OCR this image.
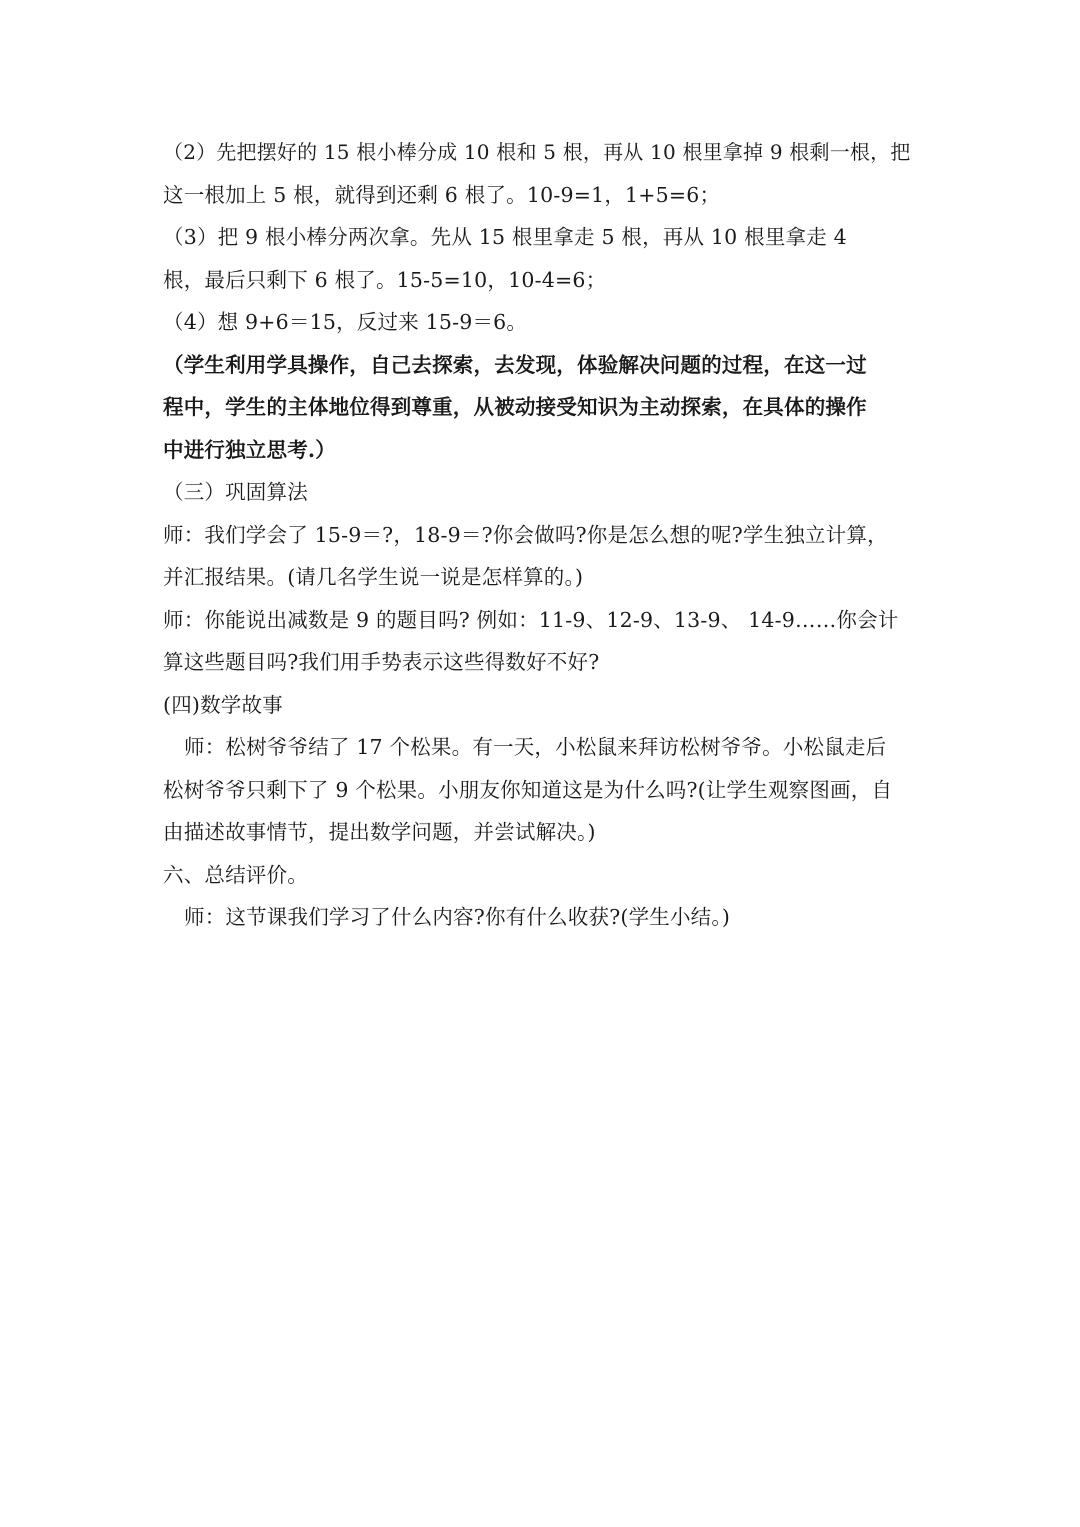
（2）先把摆好的 15 根小棒分成 10 根和 5 根，再从 10 根里拿掉 9 根剩一根，把
这一根加上 5 根，就得到还剩 6 根了。10-9=1，1+5=6；
（3）把 9 根小棒分两次拿。先从 15 根里拿走 5 根，再从 10 根里拿走 4
根，最后只剩下 6 根了。15-5=10，10-4=6；
（4）想 9+6＝15，反过来 15-9＝6。
（学生利用学具操作，自己去探索，去发现，体验解决问题的过程，在这一过
程中，学生的主体地位得到尊重，从被动接受知识为主动探索，在具体的操作
中进行独立思考.）
（三）巩固算法
师：我们学会了 15-9＝?，18-9＝?你会做吗?你是怎么想的呢?学生独立计算，
并汇报结果。(请几名学生说一说是怎样算的。)
师：你能说出减数是 9 的题目吗? 例如：11-9、12-9、13-9、 14-9……你会计
算这些题目吗?我们用手势表示这些得数好不好?
(四)数学故事
师：松树爷爷结了 17 个松果。有一天，小松鼠来拜访松树爷爷。小松鼠走后
松树爷爷只剩下了 9 个松果。小朋友你知道这是为什么吗?(让学生观察图画，自
由描述故事情节，提出数学问题，并尝试解决。)
六、总结评价。
师：这节课我们学习了什么内容?你有什么收获?(学生小结。)
